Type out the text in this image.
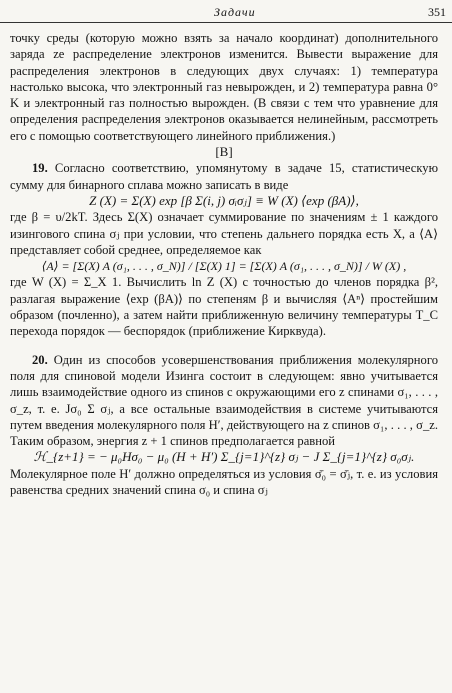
Задачи	351

точку среды (которую можно взять за начало координат) дополнительного заряда ze распределение электронов изменится. Вывести выражение для распределения электронов в следующих двух случаях: 1) температура настолько высока, что электронный газ невырожден, и 2) температура равна 0° K и электронный газ полностью вырожден. (В связи с тем что уравнение для определения распределения электронов оказывается нелинейным, рассмотреть его с помощью соответствующего линейного приближения.)

[B]

19. Согласно соответствию, упомянутому в задаче 15, статистическую сумму для бинарного сплава можно записать в виде

Z (X) = Σ(X) exp [β Σ(i, j) σᵢσⱼ] ≡ W (X) ⟨exp (βA)⟩,

где β = υ/2kT. Здесь Σ(X) означает суммирование по значениям ± 1 каждого изингового спина σⱼ при условии, что степень дальнего порядка есть X, а ⟨A⟩ представляет собой среднее, определяемое как

⟨A⟩ = [Σ(X) A (σ₁, . . . , σ_N)] / [Σ(X) 1] = [Σ(X) A (σ₁, . . . , σ_N)] / W (X) ,

где W (X) = Σ_X 1. Вычислить ln Z (X) с точностью до членов порядка β², разлагая выражение ⟨exp (βA)⟩ по степеням β и вычисляя ⟨Aⁿ⟩ простейшим образом (почленно), а затем найти приближенную величину температуры T_C перехода порядок — беспорядок (приближение Кирквуда).

20. Один из способов усовершенствования приближения молекулярного поля для спиновой модели Изинга состоит в следующем: явно учитывается лишь взаимодействие одного из спинов с окружающими его z спинами σ₁, . . . , σ_z, т. е. Jσ₀ Σ σⱼ, а все остальные взаимодействия в системе учитываются путем введения молекулярного поля H′, действующего на z спинов σ₁, . . . , σ_z. Таким образом, энергия z + 1 спинов предполагается равной

ℋ_{z+1} = − μ₀Hσ₀ − μ₀ (H + H′) Σ_{j=1}^{z} σⱼ − J Σ_{j=1}^{z} σ₀σⱼ.

Молекулярное поле H′ должно определяться из условия σ̄₀ = σ̄ⱼ, т. е. из условия равенства средних значений спина σ₀ и спина σⱼ
